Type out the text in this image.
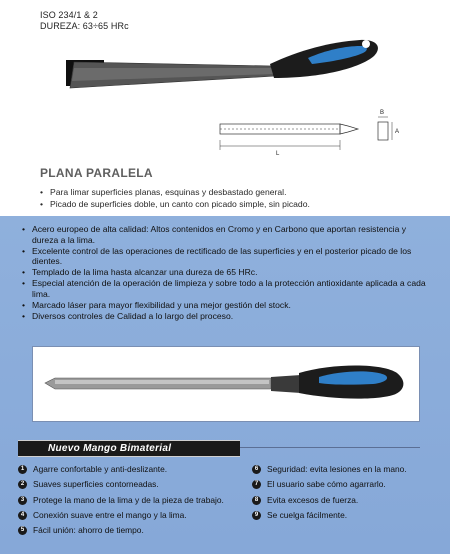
ISO 234/1 & 2
DUREZA: 63÷65 HRc
B
A
L
PLANA PARALELA
• Para limar superficies planas, esquinas y desbastado general.
• Picado de superficies doble, un canto con picado simple, sin picado.
• Acero europeo de alta calidad: Altos contenidos en Cromo y en Carbono que aportan resistencia y dureza a la lima.
• Excelente control de las operaciones de rectificado de las superficies y en el posterior picado de los dientes.
• Templado de la lima hasta alcanzar una dureza de 65 HRc.
• Especial atención de la operación de limpieza y sobre todo a la protección antioxidante aplicada a cada lima.
• Marcado láser para mayor flexibilidad y una mejor gestión del stock.
• Diversos controles de Calidad a lo largo del proceso.
Nuevo Mango Bimaterial
1	Agarre confortable y anti-deslizante.
2	Suaves superficies contorneadas.
3	Protege la mano de la lima y de la pieza de trabajo.
4	Conexión suave entre el mango y la lima.
5	Fácil unión: ahorro de tiempo.
6	Seguridad: evita lesiones en la mano.
7	El usuario sabe cómo agarrarlo.
8	Evita excesos de fuerza.
9	Se cuelga fácilmente.
